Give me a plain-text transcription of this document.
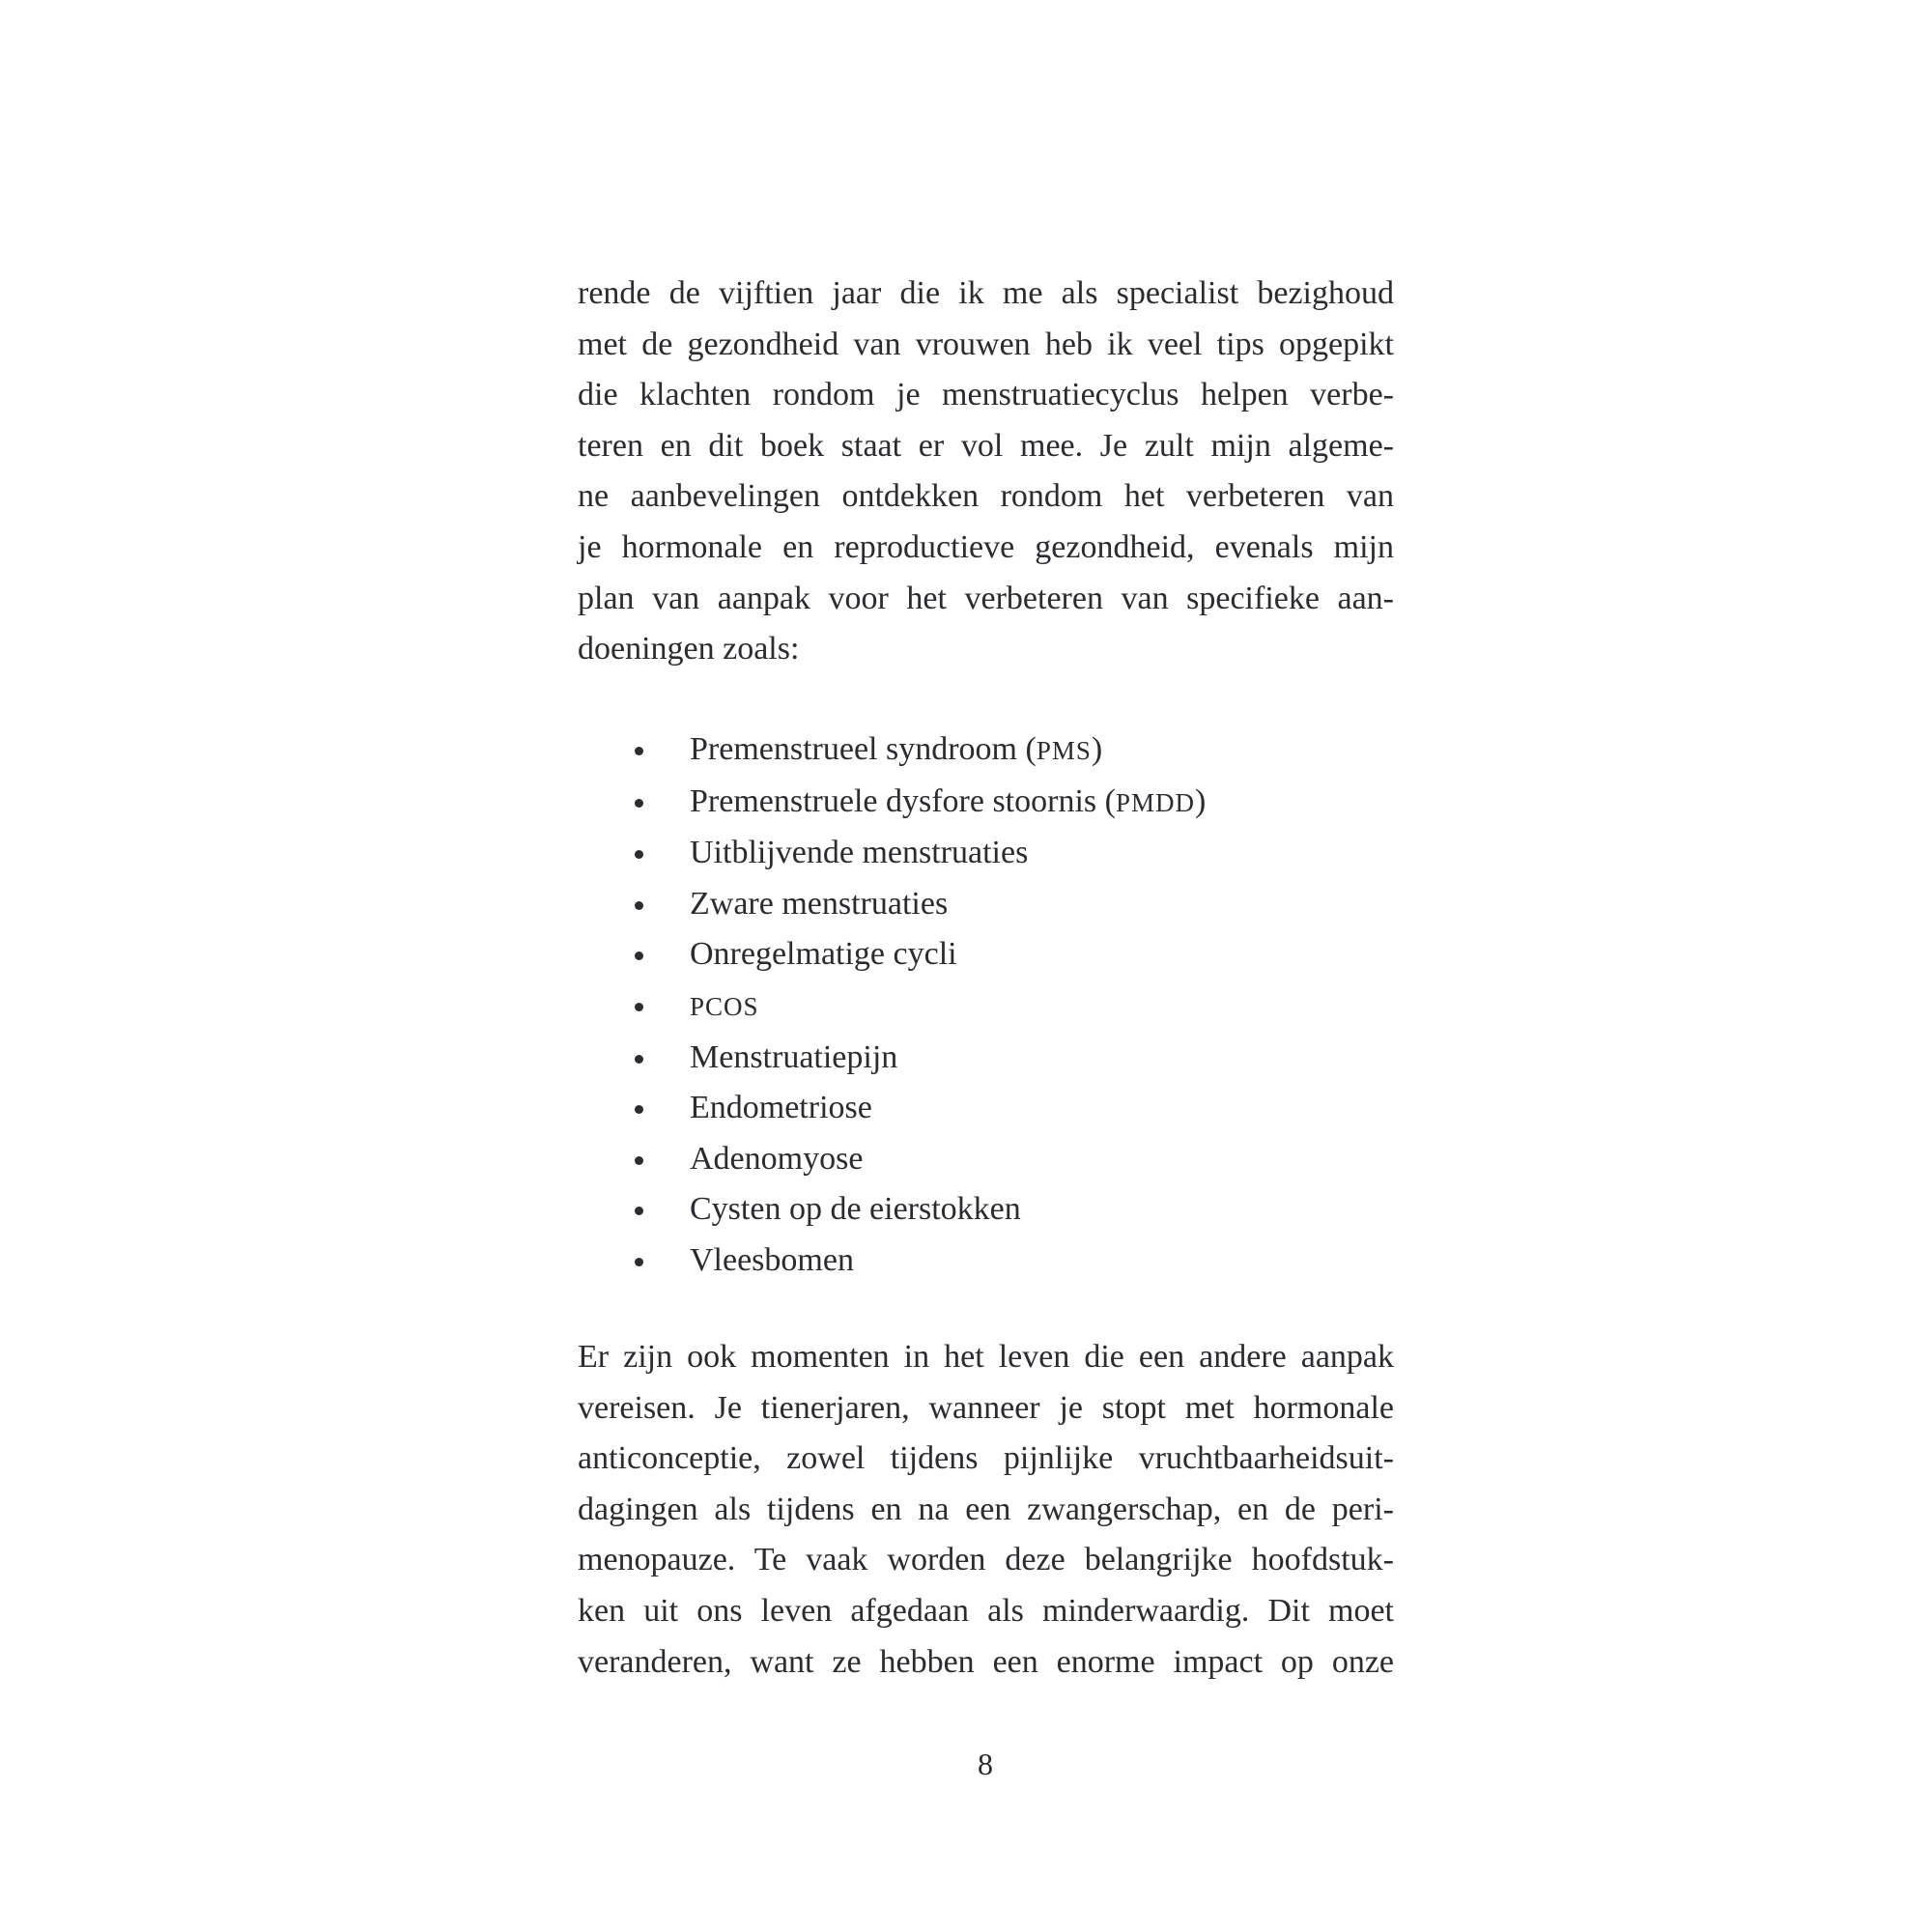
rende de vijftien jaar die ik me als specialist bezighoud
met de gezondheid van vrouwen heb ik veel tips opgepikt
die klachten rondom je menstruatiecyclus helpen verbe-
teren en dit boek staat er vol mee. Je zult mijn algeme-
ne aanbevelingen ontdekken rondom het verbeteren van
je hormonale en reproductieve gezondheid, evenals mijn
plan van aanpak voor het verbeteren van specifieke aan-
doeningen zoals:
Premenstrueel syndroom (PMS)
Premenstruele dysfore stoornis (PMDD)
Uitblijvende menstruaties
Zware menstruaties
Onregelmatige cycli
PCOS
Menstruatiepijn
Endometriose
Adenomyose
Cysten op de eierstokken
Vleesbomen
Er zijn ook momenten in het leven die een andere aanpak
vereisen. Je tienerjaren, wanneer je stopt met hormonale
anticonceptie, zowel tijdens pijnlijke vruchtbaarheidsuit-
dagingen als tijdens en na een zwangerschap, en de peri-
menopauze. Te vaak worden deze belangrijke hoofdstuk-
ken uit ons leven afgedaan als minderwaardig. Dit moet
veranderen, want ze hebben een enorme impact op onze
8
